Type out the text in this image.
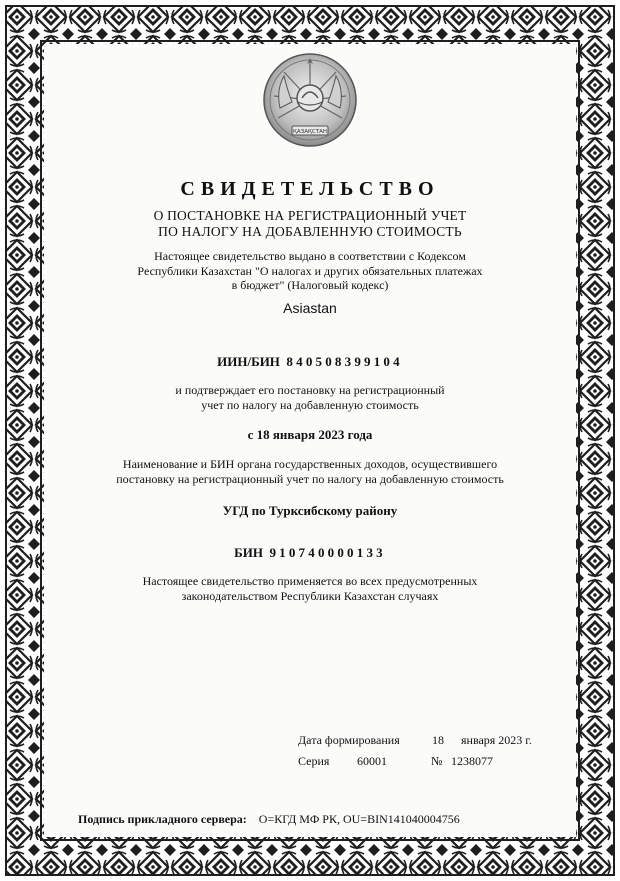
ҚАЗАҚСТАН
СВИДЕТЕЛЬСТВО
О ПОСТАНОВКЕ НА РЕГИСТРАЦИОННЫЙ УЧЕТ
ПО НАЛОГУ НА ДОБАВЛЕННУЮ СТОИМОСТЬ
Настоящее свидетельство выдано в соответствии с Кодексом
Республики Казахстан "О налогах и других обязательных платежах
в бюджет" (Налоговый кодекс)
Asiastan
ИИН/БИН 840508399104
и подтверждает его постановку на регистрационный
учет по налогу на добавленную стоимость
с 18 января 2023 года
Наименование и БИН органа государственных доходов, осуществившего
постановку на регистрационный учет по налогу на добавленную стоимость
УГД по Турксибскому району
БИН 910740000133
Настоящее свидетельство применяется во всех предусмотренных
законодательством Республики Казахстан случаях
Дата формирования	18 января 2023 г.
Серия 60001	№ 1238077
Подпись прикладного сервера: O=КГД МФ РК, OU=BIN141040004756
